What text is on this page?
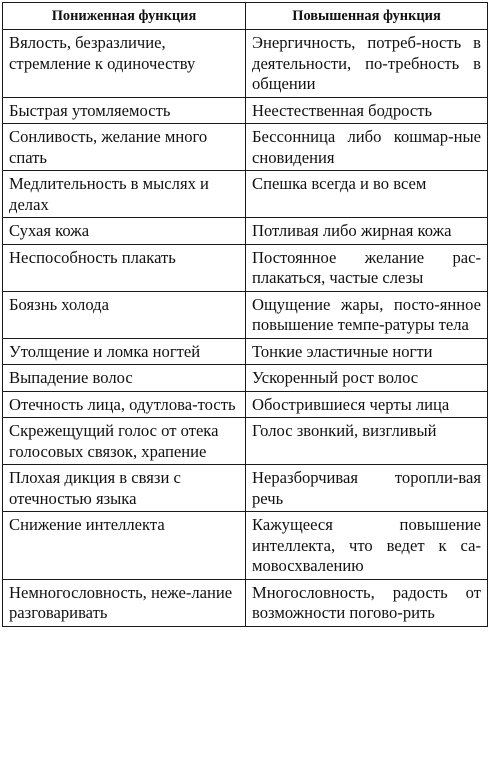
Пониженная функция	Повышенная функция
Вялость, безразличие, стремление к одиночеству	Энергичность, потреб-ность в деятельности, по-требность в общении
Быстрая утомляемость	Неестественная бодрость
Сонливость, желание много спать	Бессонница либо кошмар-ные сновидения
Медлительность в мыслях и делах	Спешка всегда и во всем
Сухая кожа	Потливая либо жирная кожа
Неспособность плакать	Постоянное желание рас-плакаться, частые слезы
Боязнь холода	Ощущение жары, посто-янное повышение темпе-ратуры тела
Утолщение и ломка ногтей	Тонкие эластичные ногти
Выпадение волос	Ускоренный рост волос
Отечность лица, одутлова-тость	Обострившиеся черты лица
Скрежещущий голос от отека голосовых связок, храпение	Голос звонкий, визгливый
Плохая дикция в связи с отечностью языка	Неразборчивая торопли-вая речь
Снижение интеллекта	Кажущееся повышение интеллекта, что ведет к са-мовосхвалению
Немногословность, неже-лание разговаривать	Многословность, радость от возможности погово-рить
